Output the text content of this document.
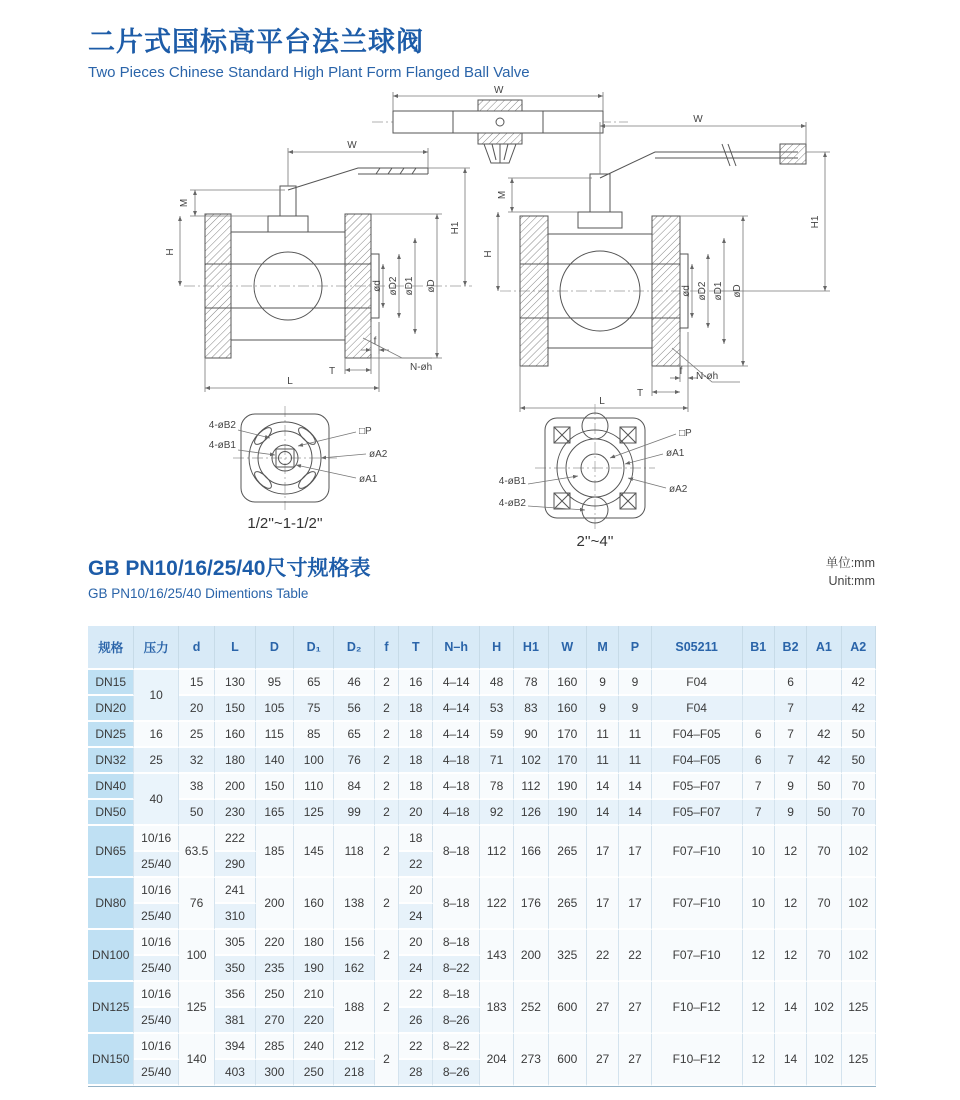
二片式国标高平台法兰球阀
Two Pieces Chinese Standard High Plant Form Flanged Ball Valve
W
W
M
H
H1
ød øD2 øD1 øD
f
N-øh
T
L
4-øB2
4-øB1
□P
øA2
øA1
1/2''~1-1/2''
W
M
H
H1
ød øD2 øD1 øD
f N-øh
T
L
□P
øA1
4-øB1
øA2
4-øB2
2''~4''
GB PN10/16/25/40尺寸规格表
GB PN10/16/25/40 Dimentions Table
单位:mm
Unit:mm
规格	压力	d	L	D	D₁	D₂	f	T	N–h	H	H1	W	M	P	S05211	B1	B2	A1	A2
DN15	10	15	130	95	65	46	2	16	4–14	48	78	160	9	9	F04		6		42
DN20		20	150	105	75	56	2	18	4–14	53	83	160	9	9	F04		7		42
DN25	16	25	160	115	85	65	2	18	4–14	59	90	170	11	11	F04–F05	6	7	42	50
DN32	25	32	180	140	100	76	2	18	4–18	71	102	170	11	11	F04–F05	6	7	42	50
DN40	40	38	200	150	110	84	2	18	4–18	78	112	190	14	14	F05–F07	7	9	50	70
DN50		50	230	165	125	99	2	20	4–18	92	126	190	14	14	F05–F07	7	9	50	70
DN65	10/16	63.5	222	185	145	118	2	18	8–18	112	166	265	17	17	F07–F10	10	12	70	102
	25/40		290					22											
DN80	10/16	76	241	200	160	138	2	20	8–18	122	176	265	17	17	F07–F10	10	12	70	102
	25/40		310					24											
DN100	10/16	100	305	220	180	156	2	20	8–18	143	200	325	22	22	F07–F10	12	12	70	102
	25/40		350	235	190	162		24	8–22										
DN125	10/16	125	356	250	210	188	2	22	8–18	183	252	600	27	27	F10–F12	12	14	102	125
	25/40		381	270	220			26	8–26										
DN150	10/16	140	394	285	240	212	2	22	8–22	204	273	600	27	27	F10–F12	12	14	102	125
	25/40		403	300	250	218		28	8–26										
